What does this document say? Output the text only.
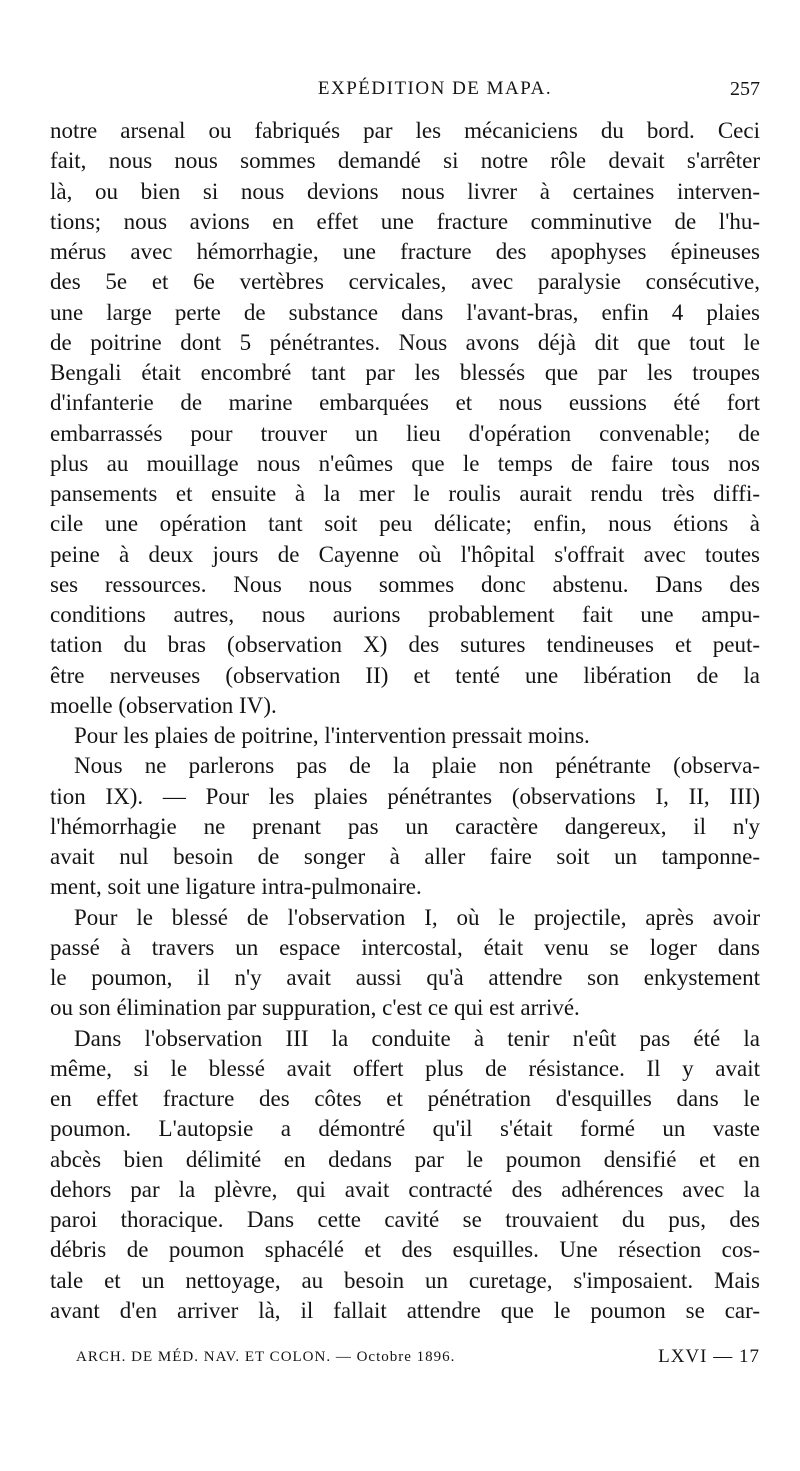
EXPÉDITION DE MAPA.	257
notre arsenal ou fabriqués par les mécaniciens du bord. Ceci
fait, nous nous sommes demandé si notre rôle devait s'arrêter
là, ou bien si nous devions nous livrer à certaines interven-
tions; nous avions en effet une fracture comminutive de l'hu-
mérus avec hémorrhagie, une fracture des apophyses épineuses
des 5e et 6e vertèbres cervicales, avec paralysie consécutive,
une large perte de substance dans l'avant-bras, enfin 4 plaies
de poitrine dont 5 pénétrantes. Nous avons déjà dit que tout le
Bengali était encombré tant par les blessés que par les troupes
d'infanterie de marine embarquées et nous eussions été fort
embarrassés pour trouver un lieu d'opération convenable; de
plus au mouillage nous n'eûmes que le temps de faire tous nos
pansements et ensuite à la mer le roulis aurait rendu très diffi-
cile une opération tant soit peu délicate; enfin, nous étions à
peine à deux jours de Cayenne où l'hôpital s'offrait avec toutes
ses ressources. Nous nous sommes donc abstenu. Dans des
conditions autres, nous aurions probablement fait une ampu-
tation du bras (observation X) des sutures tendineuses et peut-
être nerveuses (observation II) et tenté une libération de la
moelle (observation IV).
Pour les plaies de poitrine, l'intervention pressait moins.
Nous ne parlerons pas de la plaie non pénétrante (observa-
tion IX). — Pour les plaies pénétrantes (observations I, II, III)
l'hémorrhagie ne prenant pas un caractère dangereux, il n'y
avait nul besoin de songer à aller faire soit un tamponne-
ment, soit une ligature intra-pulmonaire.
Pour le blessé de l'observation I, où le projectile, après avoir
passé à travers un espace intercostal, était venu se loger dans
le poumon, il n'y avait aussi qu'à attendre son enkystement
ou son élimination par suppuration, c'est ce qui est arrivé.
Dans l'observation III la conduite à tenir n'eût pas été la
même, si le blessé avait offert plus de résistance. Il y avait
en effet fracture des côtes et pénétration d'esquilles dans le
poumon. L'autopsie a démontré qu'il s'était formé un vaste
abcès bien délimité en dedans par le poumon densifié et en
dehors par la plèvre, qui avait contracté des adhérences avec la
paroi thoracique. Dans cette cavité se trouvaient du pus, des
débris de poumon sphacélé et des esquilles. Une résection cos-
tale et un nettoyage, au besoin un curetage, s'imposaient. Mais
avant d'en arriver là, il fallait attendre que le poumon se car-
ARCH. DE MÉD. NAV. ET COLON. — Octobre 1896.	LXVI — 17
